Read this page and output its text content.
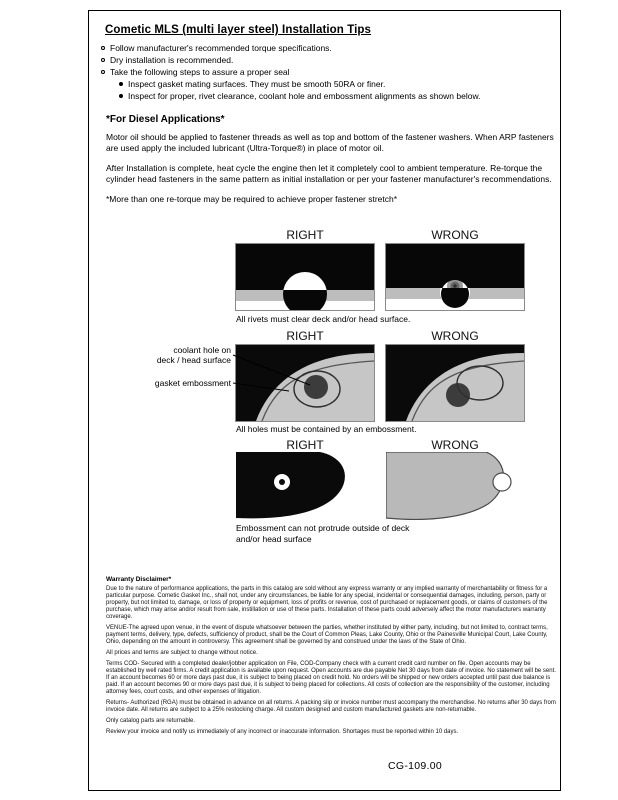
Cometic MLS (multi layer steel) Installation Tips
Follow manufacturer's recommended torque specifications.
Dry installation is recommended.
Take the following steps to assure a proper seal
Inspect gasket mating surfaces. They must be smooth 50RA or finer.
Inspect for proper, rivet clearance, coolant hole and embossment alignments as shown below.
*For Diesel Applications*

Motor oil should be applied to fastener threads as well as top and bottom of the fastener washers. When ARP fasteners are used apply the included lubricant (Ultra-Torque®) in place of motor oil.

After Installation is complete, heat cycle the engine then let it completely cool to ambient temperature. Re-torque the cylinder head fasteners in the same pattern as initial installation or per your fastener manufacturer's recommendations.

*More than one re-torque may be required to achieve proper fastener stretch*

RIGHT	WRONG
All rivets must clear deck and/or head surface.
RIGHT	WRONG
All holes must be contained by an embossment.
coolant hole on
deck / head surface
gasket embossment
RIGHT	WRONG
Embossment can not protrude outside of deck
and/or head surface
Warranty Disclaimer*

Due to the nature of performance applications, the parts in this catalog are sold without any express warranty or any implied warranty of merchantability or fitness for a particular purpose. Cometic Gasket Inc., shall not, under any circumstances, be liable for any special, incidental or consequential damages, including, person, party or property, but not limited to, damage, or loss of property or equipment, loss of profits or revenue, cost of purchased or replacement goods, or claims of customers of the purchase, which may arise and/or result from sale, instillation or use of these parts. Installation of these parts could adversely affect the motor manufacturers warranty coverage.

VENUE-The agreed upon venue, in the event of dispute whatsoever between the parties, whether instituted by either party, including, but not limited to, contract terms, payment terms, delivery, type, defects, sufficiency of product, shall be the Court of Common Pleas, Lake County, Ohio or the Painesville Municipal Court, Lake County, Ohio, depending on the amount in controversy. This agreement shall be governed by and construed under the laws of the State of Ohio.

All prices and terms are subject to change without notice.

Terms COD- Secured with a completed dealer/jobber application on File, COD-Company check with a current credit card number on file. Open accounts may be established by well rated firms. A credit application is available upon request. Open accounts are due payable Net 30 days from date of invoice. No statement will be sent. If an account becomes 60 or more days past due, it is subject to being placed on credit hold. No orders will be shipped or new orders accepted until past due balance is paid. If an account becomes 90 or more days past due, it is subject to being placed for collections. All costs of collection are the responsibility of the customer, including attorney fees, court costs, and other expenses of litigation.

Returns- Authorized (RGA) must be obtained in advance on all returns. A packing slip or invoice number must accompany the merchandise. No returns after 30 days from invoice date. All returns are subject to a 25% restocking charge. All custom designed and custom manufactured gaskets are non-returnable.

Only catalog parts are returnable.

Review your invoice and notify us immediately of any incorrect or inaccurate information. Shortages must be reported within 10 days.

CG-109.00
